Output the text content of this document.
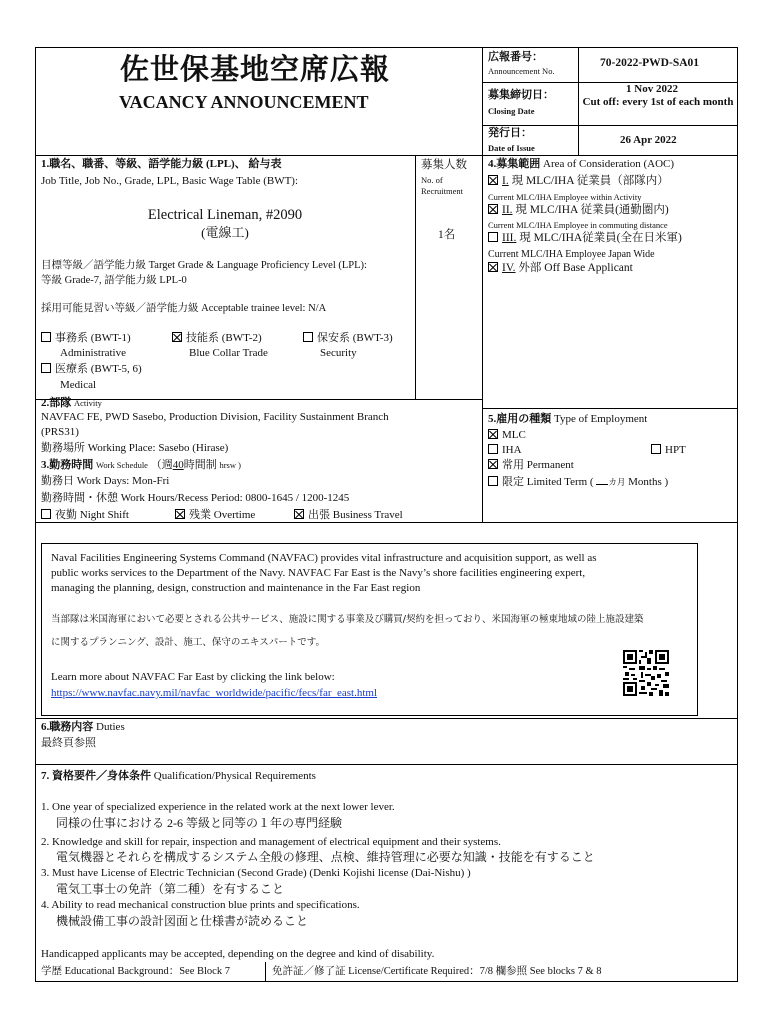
佐世保基地空席広報
VACANCY ANNOUNCEMENT
広報番号：
Announcement No.
70-2022-PWD-SA01
募集締切日：
Closing Date
1 Nov 2022
Cut off: every 1st of each month
発行日：
Date of Issue
26 Apr 2022
1.職名、職番、等級、語学能力級 (LPL)、 給与表
Job Title, Job No., Grade, LPL, Basic Wage Table (BWT):
Electrical Lineman, #2090
(電線工)
目標等級／語学能力級 Target Grade & Language Proficiency Level (LPL):
等級 Grade-7, 語学能力級 LPL-0
採用可能見習い等級／語学能力級 Acceptable trainee level: N/A
事務系 (BWT-1)
Administrative
技能系 (BWT-2)
Blue Collar Trade
保安系 (BWT-3)
Security
医療系 (BWT-5, 6)
Medical
募集人数
No. of
Recruitment
1名
4.募集範囲 Area of Consideration (AOC)
I. 現 MLC/IHA 従業員（部隊内）
Current MLC/IHA Employee within Activity
II. 現 MLC/IHA 従業員(通勤圏内)
Current MLC/IHA Employee in commuting distance
III. 現 MLC/IHA従業員(全在日米軍)
Current MLC/IHA Employee Japan Wide
IV. 外部 Off Base Applicant
2.部隊 Activity
NAVFAC FE, PWD Sasebo, Production Division, Facility Sustainment Branch
(PRS31)
勤務場所 Working Place: Sasebo (Hirase)
3.勤務時間 Work Schedule （週40時間制 hrsw )
勤務日 Work Days: Mon-Fri
勤務時間・休憩 Work Hours/Recess Period: 0800-1645 / 1200-1245
夜勤 Night Shift	残業 Overtime	出張 Business Travel
5.雇用の種類 Type of Employment
MLC
IHA	HPT
常用 Permanent
限定 Limited Term ( カ月 Months )
Naval Facilities Engineering Systems Command (NAVFAC) provides vital infrastructure and acquisition support, as well as
public works services to the Department of the Navy. NAVFAC Far East is the Navy’s shore facilities engineering expert,
managing the planning, design, construction and maintenance in the Far East region
当部隊は米国海軍において必要とされる公共サービス、施設に関する事業及び購買/契約を担っており、米国海軍の極東地域の陸上施設建築
に関するプランニング、設計、施工、保守のエキスパートです。
Learn more about NAVFAC Far East by clicking the link below:
https://www.navfac.navy.mil/navfac_worldwide/pacific/fecs/far_east.html
6.職務内容 Duties
最終頁参照
7. 資格要件／身体条件 Qualification/Physical Requirements
1. One year of specialized experience in the related work at the next lower lever.
同様の仕事における 2-6 等級と同等の１年の専門経験
2. Knowledge and skill for repair, inspection and management of electrical equipment and their systems.
電気機器とそれらを構成するシステム全般の修理、点検、維持管理に必要な知識・技能を有すること
3. Must have License of Electric Technician (Second Grade) (Denki Kojishi license (Dai-Nishu) )
電気工事士の免許（第二種）を有すること
4. Ability to read mechanical construction blue prints and specifications.
機械設備工事の設計図面と仕様書が読めること
Handicapped applicants may be accepted, depending on the degree and kind of disability.
学歴 Educational Background：See Block 7	免許証／修了証 License/Certificate Required：7/8 欄参照 See blocks 7 & 8
